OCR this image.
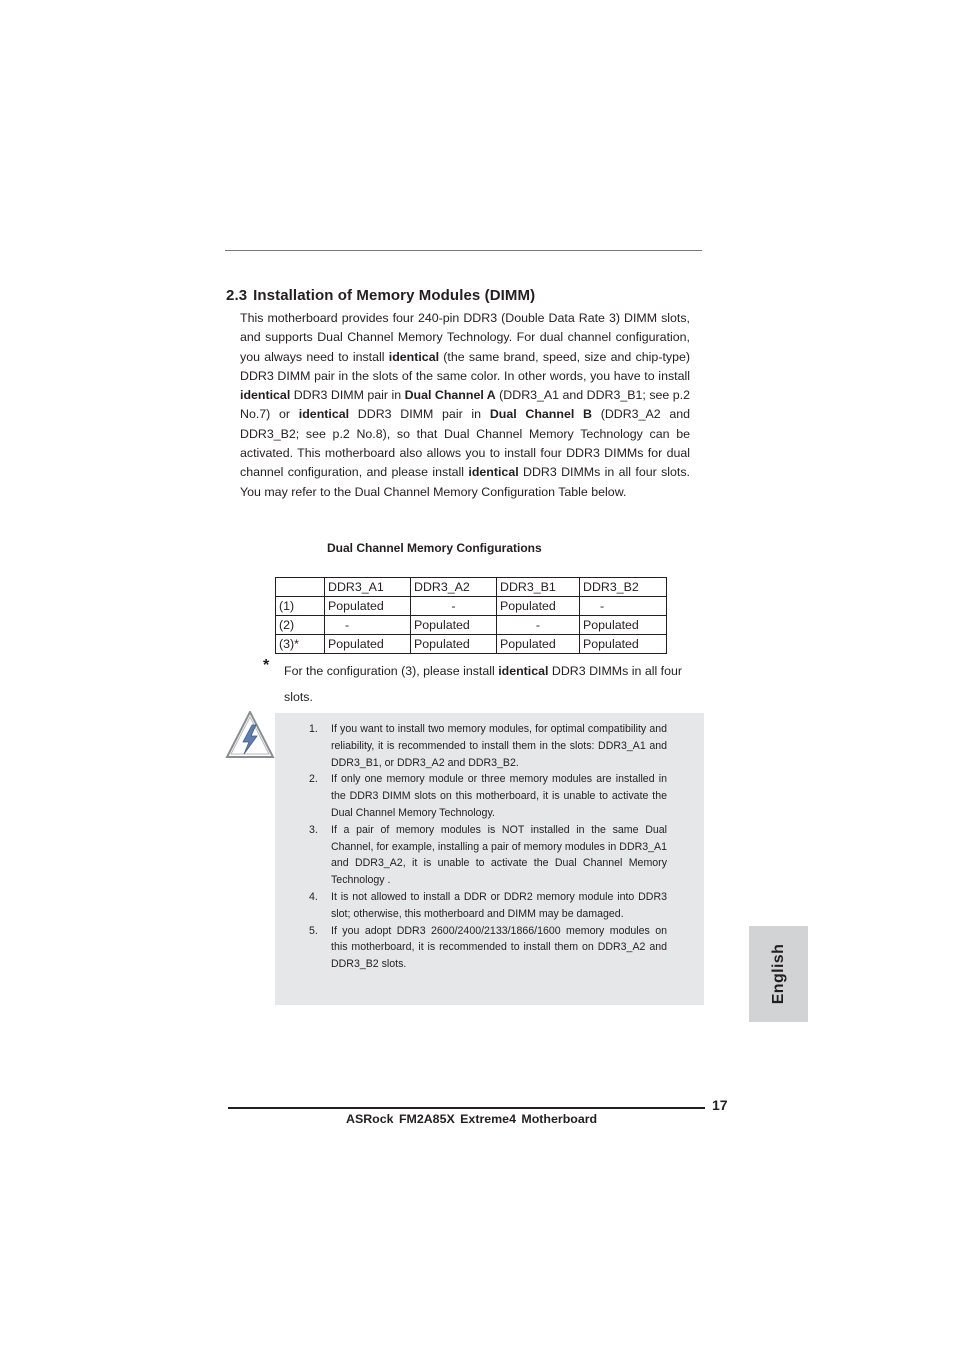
2.3 Installation of Memory Modules (DIMM)

This motherboard provides four 240-pin DDR3 (Double Data Rate 3) DIMM slots, and supports Dual Channel Memory Technology. For dual channel configuration, you always need to install identical (the same brand, speed, size and chip-type) DDR3 DIMM pair in the slots of the same color. In other words, you have to install identical DDR3 DIMM pair in Dual Channel A (DDR3_A1 and DDR3_B1; see p.2 No.7) or identical DDR3 DIMM pair in Dual Channel B (DDR3_A2 and DDR3_B2; see p.2 No.8), so that Dual Channel Memory Technology can be activated. This motherboard also allows you to install four DDR3 DIMMs for dual channel configuration, and please install identical DDR3 DIMMs in all four slots. You may refer to the Dual Channel Memory Configuration Table below.

Dual Channel Memory Configurations
	DDR3_A1	DDR3_A2	DDR3_B1	DDR3_B2
(1)	Populated	-	Populated	-
(2)	-	Populated	-	Populated
(3)*	Populated	Populated	Populated	Populated
* For the configuration (3), please install identical DDR3 DIMMs in all four slots.

1. If you want to install two memory modules, for optimal compatibility and reliability, it is recommended to install them in the slots: DDR3_A1 and DDR3_B1, or DDR3_A2 and DDR3_B2.
2. If only one memory module or three memory modules are installed in the DDR3 DIMM slots on this motherboard, it is unable to activate the Dual Channel Memory Technology.
3. If a pair of memory modules is NOT installed in the same Dual Channel, for example, installing a pair of memory modules in DDR3_A1 and DDR3_A2, it is unable to activate the Dual Channel Memory Technology .
4. It is not allowed to install a DDR or DDR2 memory module into DDR3 slot; otherwise, this motherboard and DIMM may be damaged.
5. If you adopt DDR3 2600/2400/2133/1866/1600 memory modules on this motherboard, it is recommended to install them on DDR3_A2 and DDR3_B2 slots.	English
17
ASRock FM2A85X Extreme4 Motherboard
